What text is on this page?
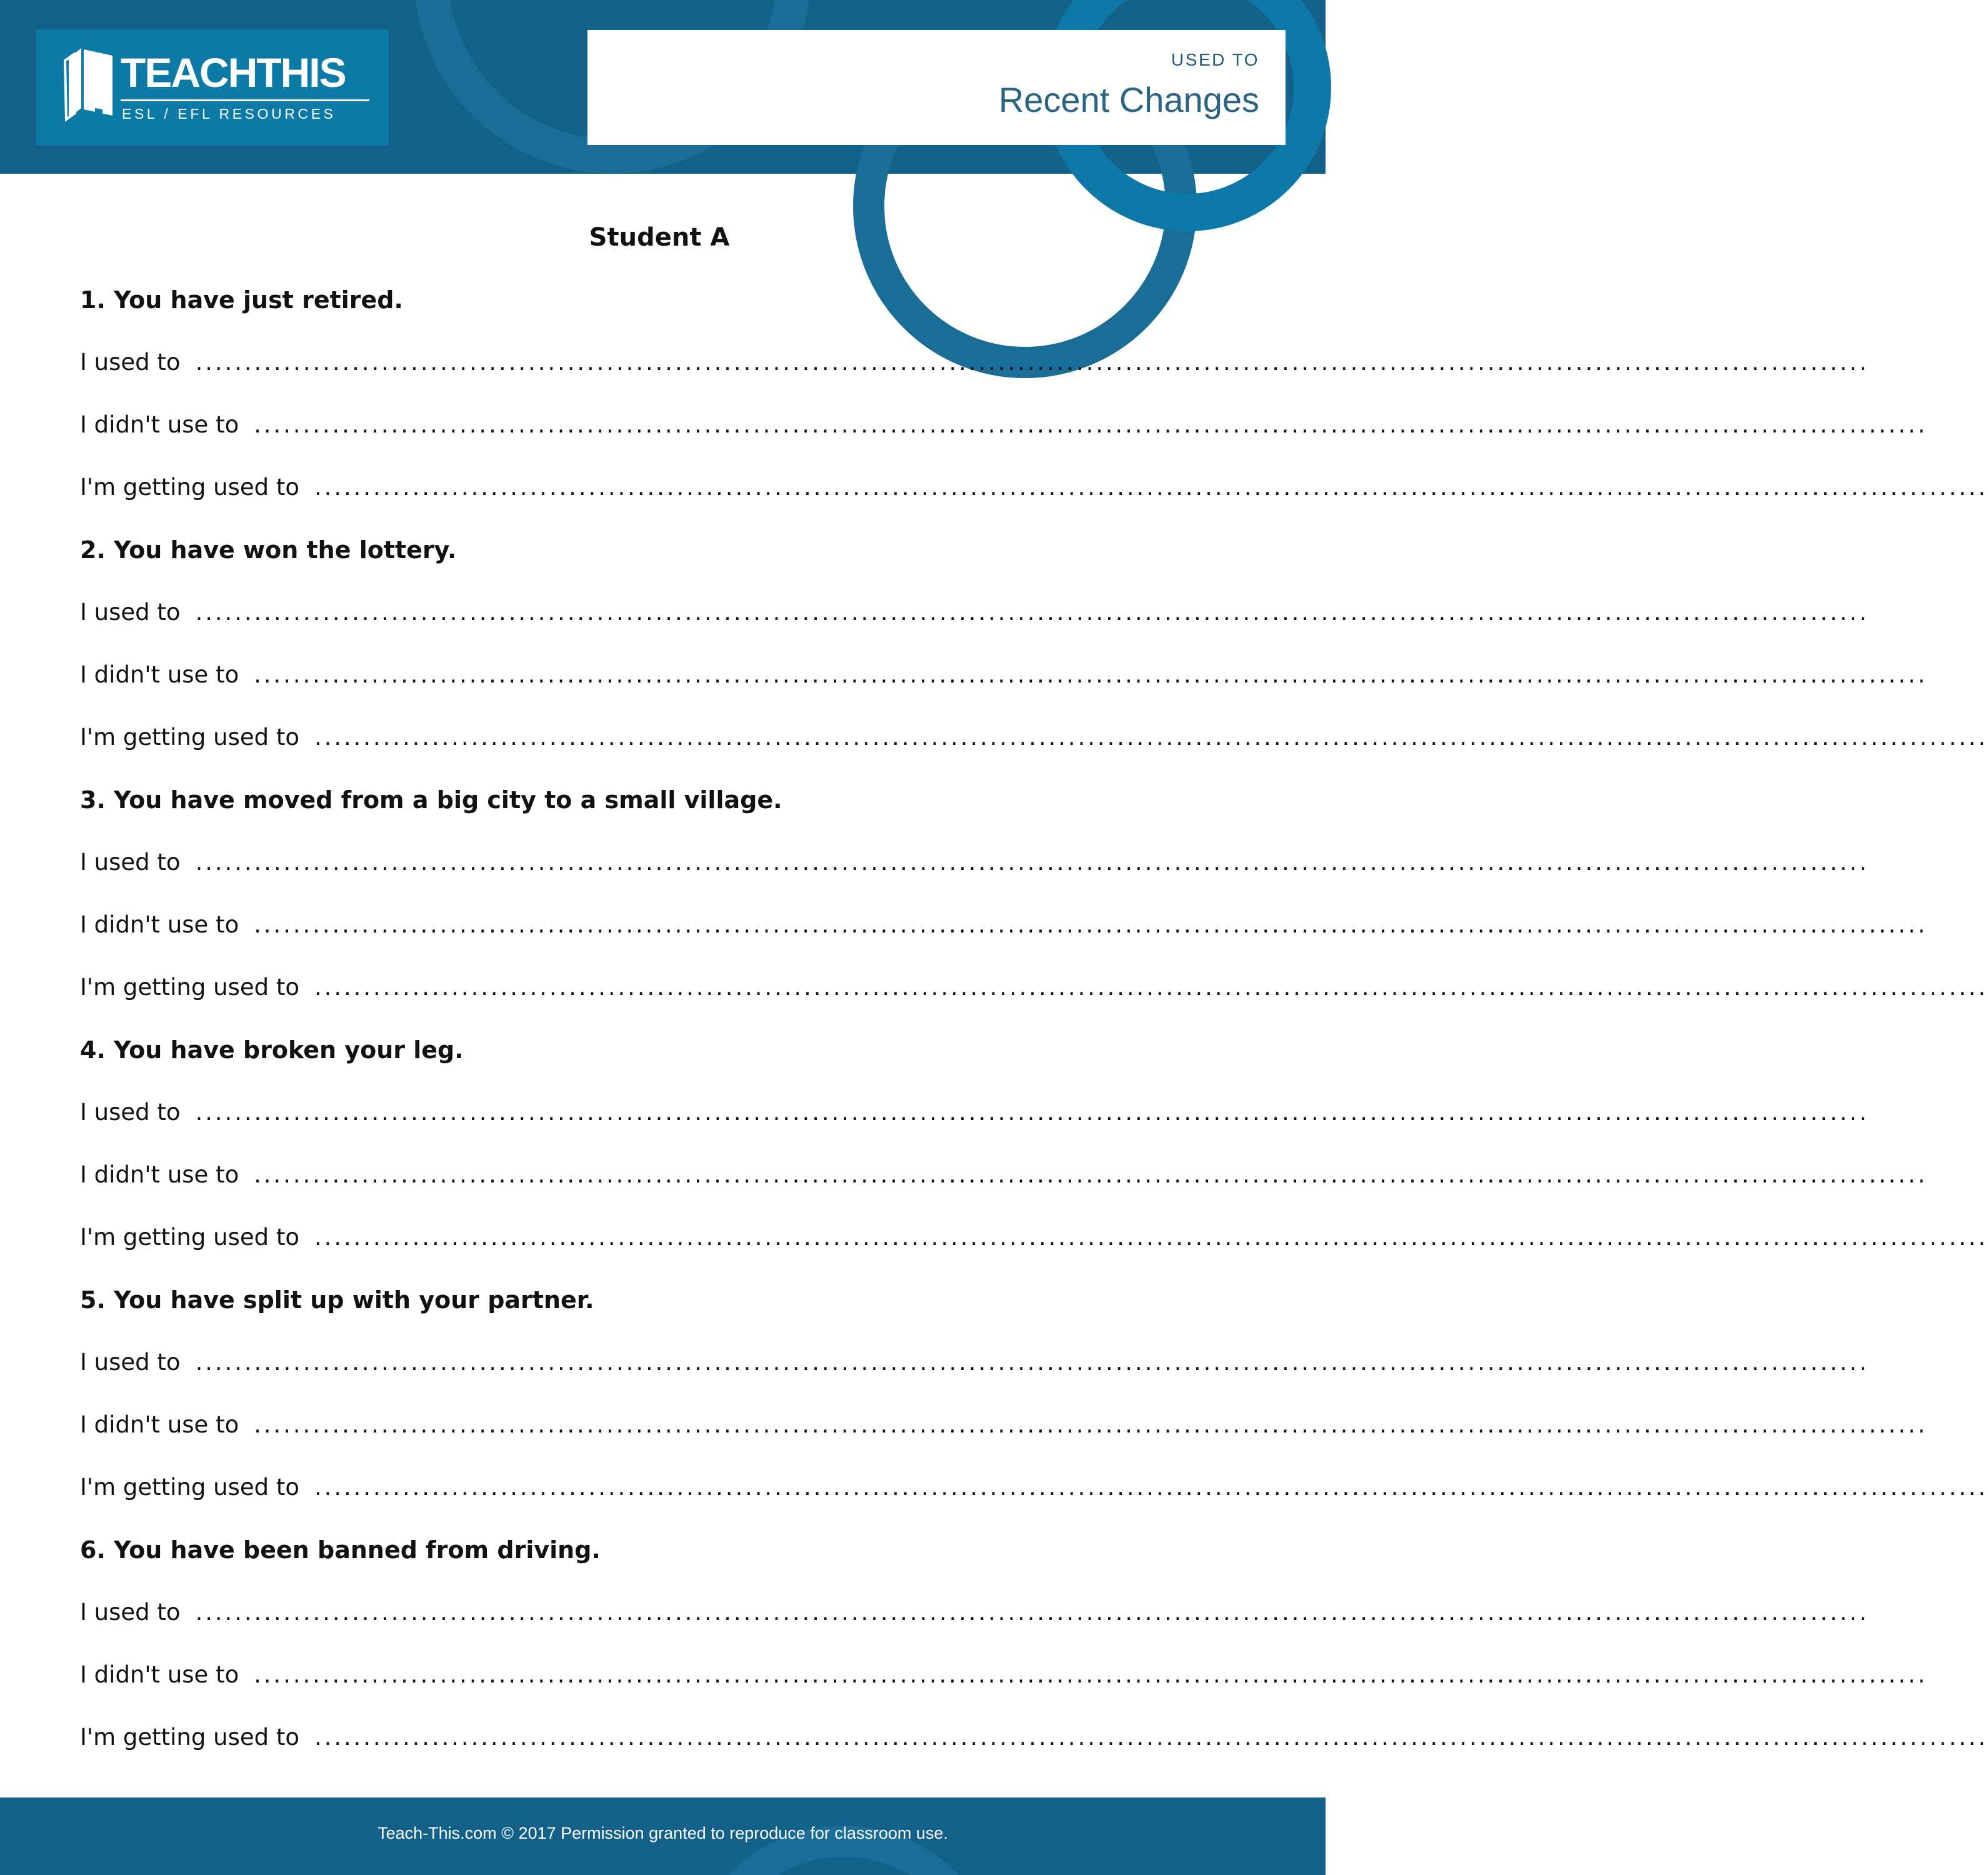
TEACHTHIS
ESL / EFL RESOURCES
USED TO
Recent Changes
Student A
1. You have just retired.
I used to ...........................................................................................................................................................................
I didn't use to ...........................................................................................................................................................................
I'm getting used to ...........................................................................................................................................................................
2. You have won the lottery.
I used to ...........................................................................................................................................................................
I didn't use to ...........................................................................................................................................................................
I'm getting used to ...........................................................................................................................................................................
3. You have moved from a big city to a small village.
I used to ...........................................................................................................................................................................
I didn't use to ...........................................................................................................................................................................
I'm getting used to ...........................................................................................................................................................................
4. You have broken your leg.
I used to ...........................................................................................................................................................................
I didn't use to ...........................................................................................................................................................................
I'm getting used to ...........................................................................................................................................................................
5. You have split up with your partner.
I used to ...........................................................................................................................................................................
I didn't use to ...........................................................................................................................................................................
I'm getting used to ...........................................................................................................................................................................
6. You have been banned from driving.
I used to ...........................................................................................................................................................................
I didn't use to ...........................................................................................................................................................................
I'm getting used to ...........................................................................................................................................................................
Teach-This.com © 2017 Permission granted to reproduce for classroom use.
